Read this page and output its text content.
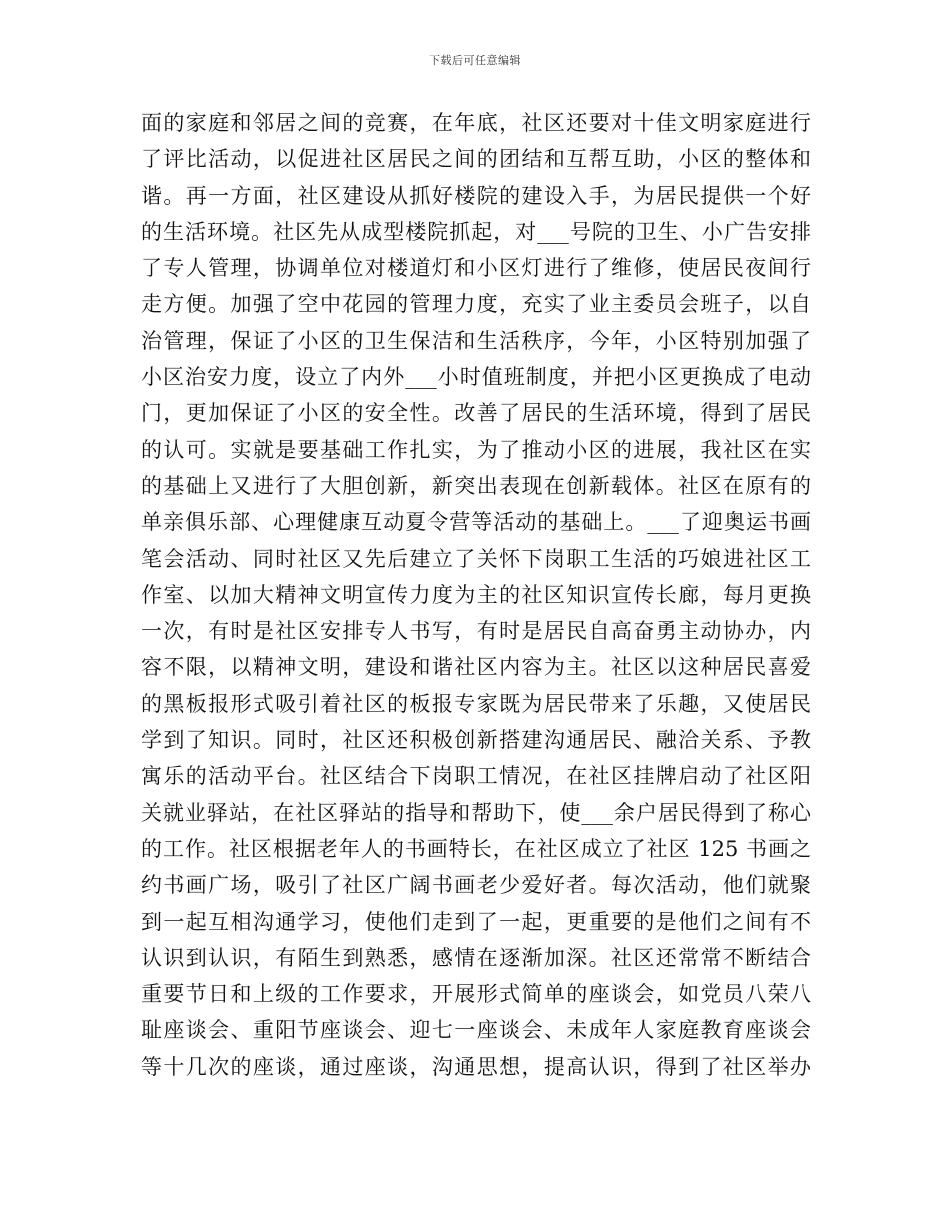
下载后可任意编辑
面的家庭和邻居之间的竞赛，在年底，社区还要对十佳文明家庭进行
了评比活动，以促进社区居民之间的团结和互帮互助，小区的整体和
谐。再一方面，社区建设从抓好楼院的建设入手，为居民提供一个好
的生活环境。社区先从成型楼院抓起，对___号院的卫生、小广告安排
了专人管理，协调单位对楼道灯和小区灯进行了维修，使居民夜间行
走方便。加强了空中花园的管理力度，充实了业主委员会班子，以自
治管理，保证了小区的卫生保洁和生活秩序，今年，小区特别加强了
小区治安力度，设立了内外___小时值班制度，并把小区更换成了电动
门，更加保证了小区的安全性。改善了居民的生活环境，得到了居民
的认可。实就是要基础工作扎实，为了推动小区的进展，我社区在实
的基础上又进行了大胆创新，新突出表现在创新载体。社区在原有的
单亲俱乐部、心理健康互动夏令营等活动的基础上。___了迎奥运书画
笔会活动、同时社区又先后建立了关怀下岗职工生活的巧娘进社区工
作室、以加大精神文明宣传力度为主的社区知识宣传长廊，每月更换
一次，有时是社区安排专人书写，有时是居民自高奋勇主动协办，内
容不限，以精神文明，建设和谐社区内容为主。社区以这种居民喜爱
的黑板报形式吸引着社区的板报专家既为居民带来了乐趣，又使居民
学到了知识。同时，社区还积极创新搭建沟通居民、融洽关系、予教
寓乐的活动平台。社区结合下岗职工情况，在社区挂牌启动了社区阳
关就业驿站，在社区驿站的指导和帮助下，使___余户居民得到了称心
的工作。社区根据老年人的书画特长，在社区成立了社区 125 书画之
约书画广场，吸引了社区广阔书画老少爱好者。每次活动，他们就聚
到一起互相沟通学习，使他们走到了一起，更重要的是他们之间有不
认识到认识，有陌生到熟悉，感情在逐渐加深。社区还常常不断结合
重要节日和上级的工作要求，开展形式简单的座谈会，如党员八荣八
耻座谈会、重阳节座谈会、迎七一座谈会、未成年人家庭教育座谈会
等十几次的座谈，通过座谈，沟通思想，提高认识，得到了社区举办
